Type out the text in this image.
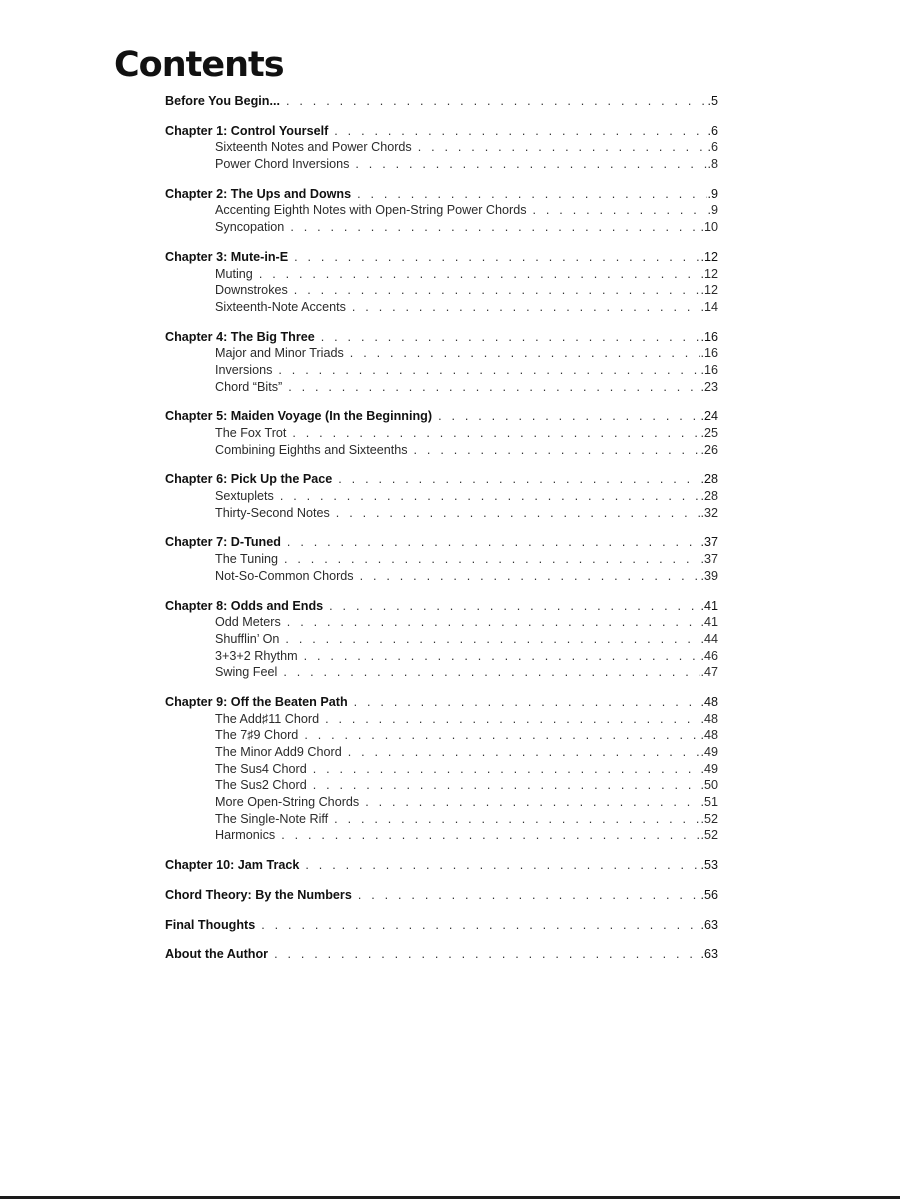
Contents
Before You Begin... . . .	.5
Chapter 1: Control Yourself . . .	.6
Sixteenth Notes and Power Chords . . .	.6
Power Chord Inversions . . .	.8
Chapter 2: The Ups and Downs . . .	.9
Accenting Eighth Notes with Open-String Power Chords . . .	.9
Syncopation . . .	.10
Chapter 3: Mute-in-E . . .	.12
Muting . . .	.12
Downstrokes . . .	.12
Sixteenth-Note Accents . . .	.14
Chapter 4: The Big Three . . .	.16
Major and Minor Triads . . .	.16
Inversions . . .	.16
Chord “Bits” . . .	.23
Chapter 5: Maiden Voyage (In the Beginning) . . .	.24
The Fox Trot . . .	.25
Combining Eighths and Sixteenths . . .	.26
Chapter 6: Pick Up the Pace . . .	.28
Sextuplets . . .	.28
Thirty-Second Notes . . .	.32
Chapter 7: D-Tuned . . .	.37
The Tuning . . .	.37
Not-So-Common Chords . . .	.39
Chapter 8: Odds and Ends . . .	.41
Odd Meters . . .	.41
Shufflin’ On . . .	.44
3+3+2 Rhythm . . .	.46
Swing Feel . . .	.47
Chapter 9: Off the Beaten Path . . .	.48
The Add♯11 Chord . . .	.48
The 7♯9 Chord . . .	.48
The Minor Add9 Chord . . .	.49
The Sus4 Chord . . .	.49
The Sus2 Chord . . .	.50
More Open-String Chords . . .	.51
The Single-Note Riff . . .	.52
Harmonics . . .	.52
Chapter 10: Jam Track . . .	.53
Chord Theory: By the Numbers . . .	.56
Final Thoughts . . .	.63
About the Author . . .	.63
